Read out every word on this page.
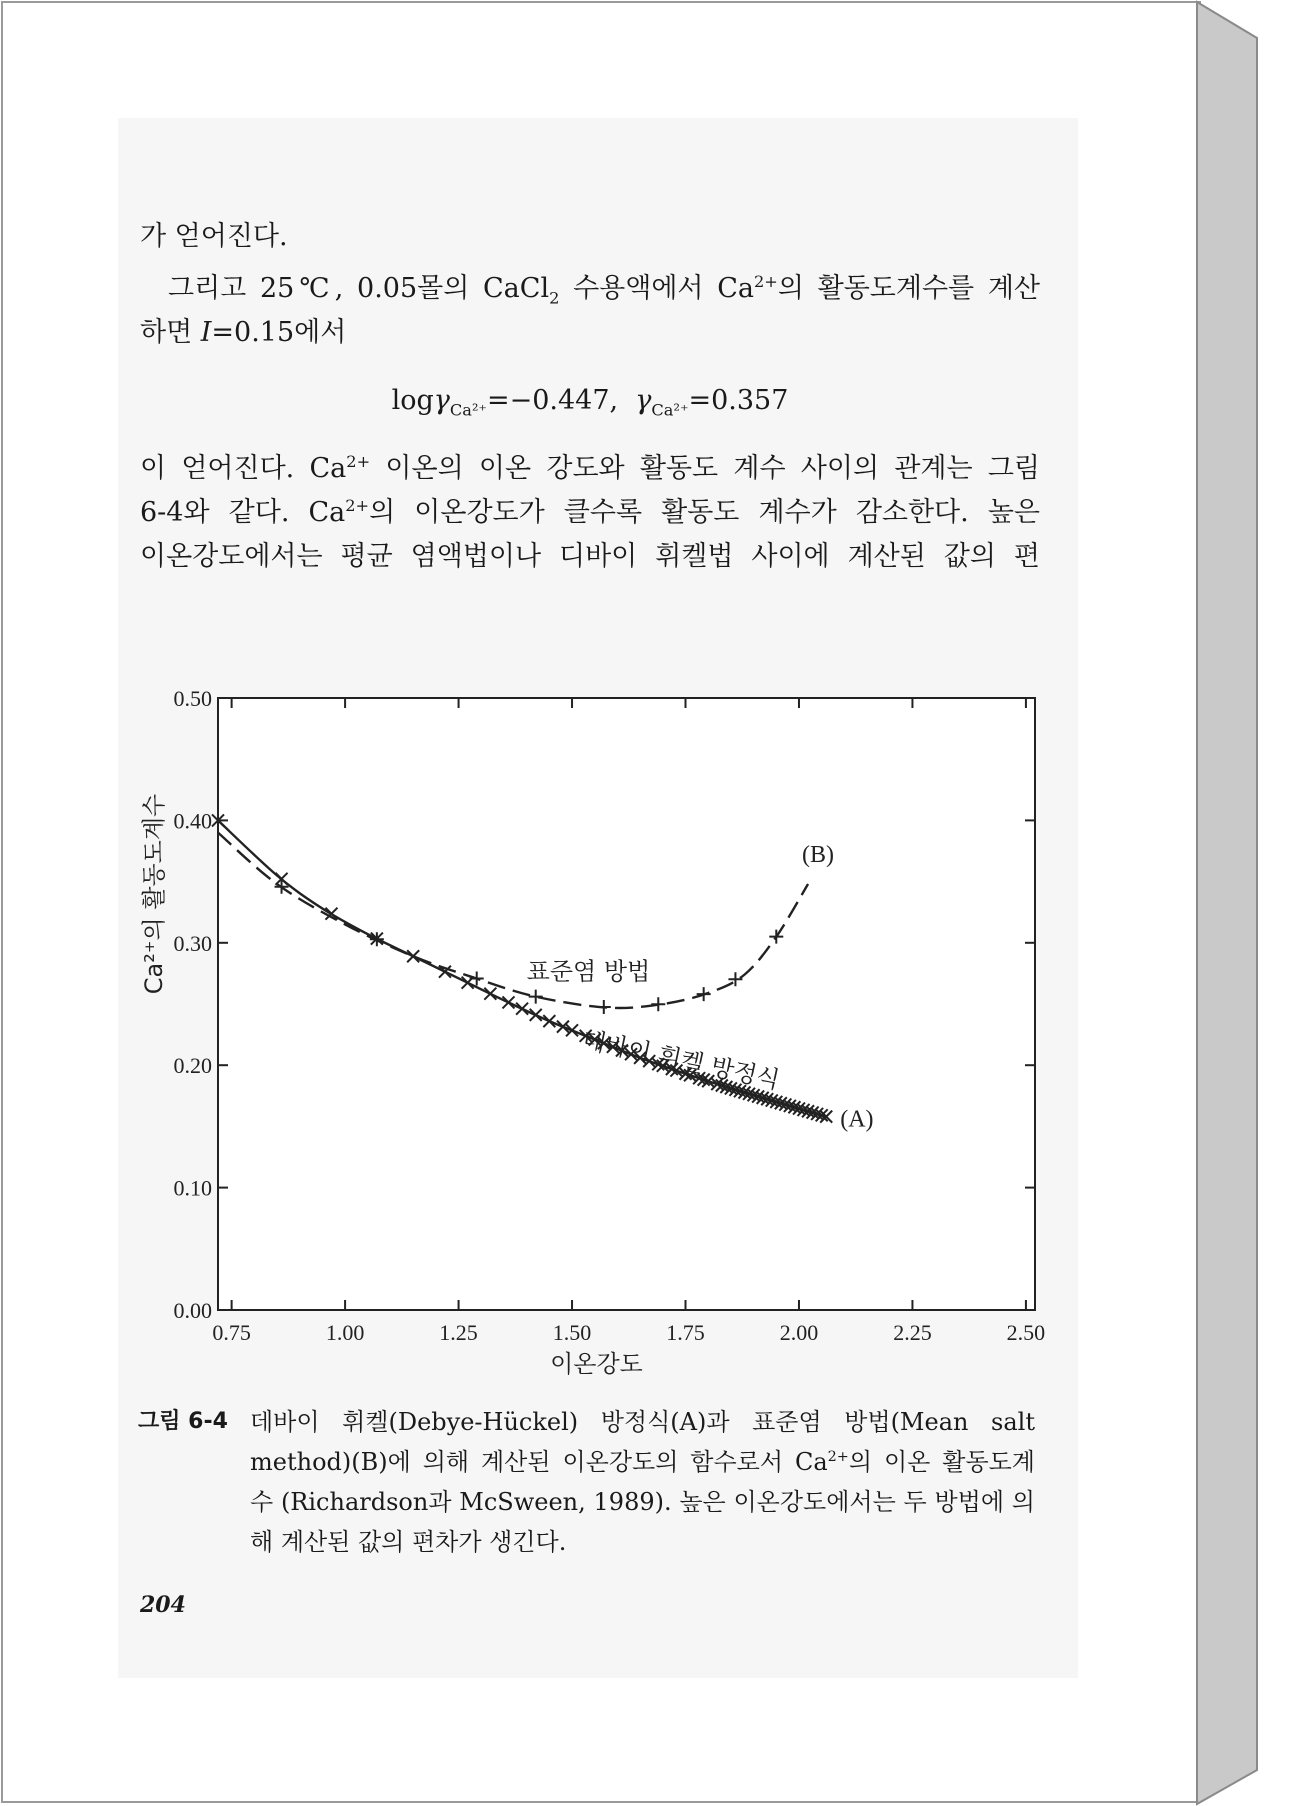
가 얻어진다.
그리고 25℃, 0.05몰의 CaCl$_2$ 수용액에서 $Ca^{2+}$의 활동도계수를 계산
하면 I=0.15에서
logγ$_{Ca^{2+}}$=−0.447, $\gamma_{Ca^{2+}}=0.357$
이 얻어진다. $Ca^{2+}$ 이온의 이온 강도와 활동도 계수 사이의 관계는 그림
6-4와 같다. $Ca^{2+}$의 이온강도가 클수록 활동도 계수가 감소한다. 높은
이온강도에서는 평균 염액법이나 디바이 휘켈법 사이에 계산된 값의 편
0.00
0.10
0.20
0.30
0.40
0.50
0.75	1.00	1.25	1.50	1.75	2.00	2.25	2.50
이온강도
Ca²⁺의 활동도계수
(A)
(B)
표준염 방법
데바이 휘켈 방정식
그림 6-4 데바이 휘켈(Debye-Hückel) 방정식(A)과 표준염 방법(Mean salt
method)(B)에 의해 계산된 이온강도의 함수로서 $Ca^{2+}$의 이온 활동도계
수 (Richardson과 McSween, 1989). 높은 이온강도에서는 두 방법에 의
해 계산된 값의 편차가 생긴다.
204
